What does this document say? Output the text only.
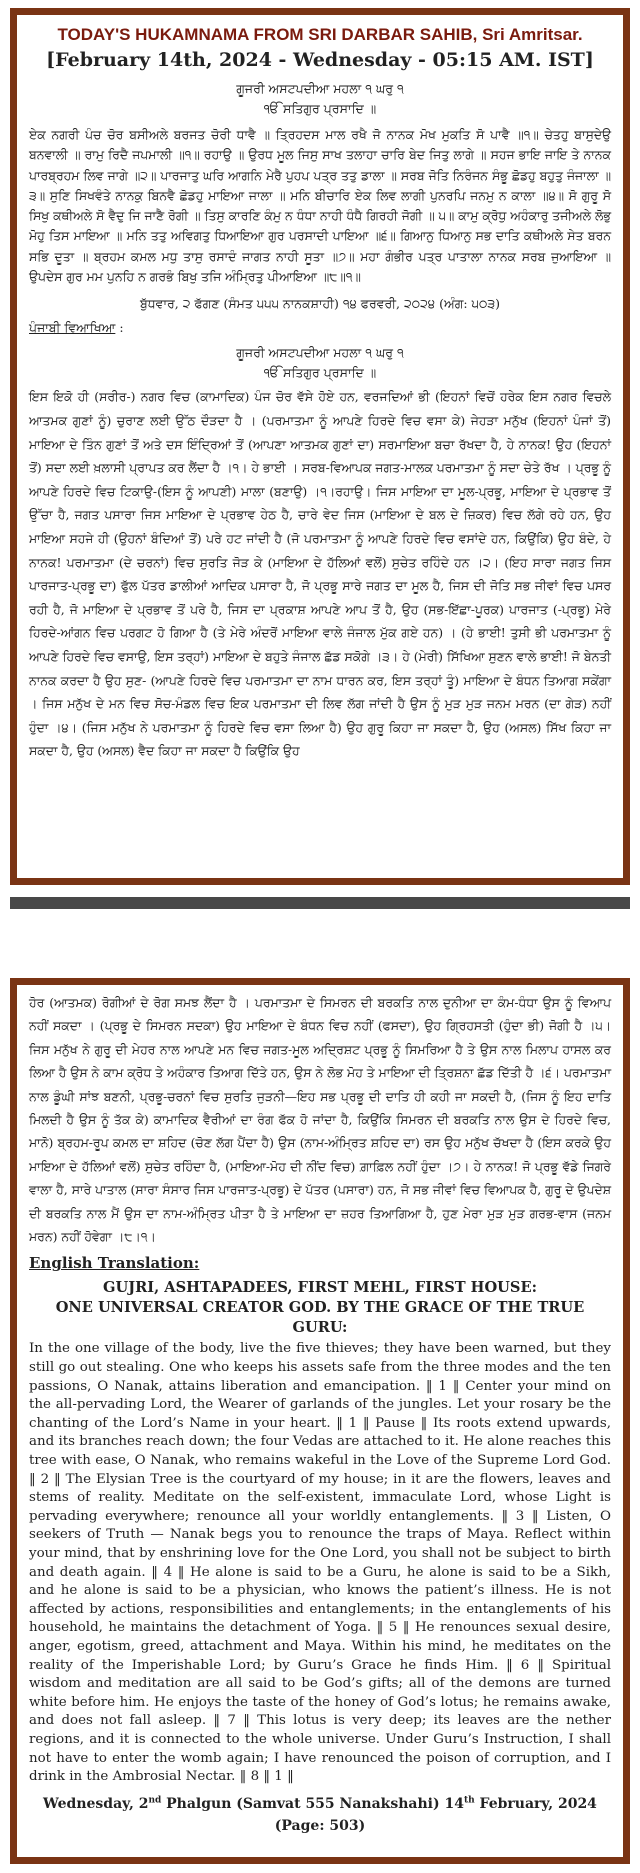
TODAY'S HUKAMNAMA FROM SRI DARBAR SAHIB, Sri Amritsar.

[February 14th, 2024 - Wednesday - 05:15 AM. IST]

ਗੂਜਰੀ ਅਸਟਪਦੀਆ ਮਹਲਾ ੧ ਘਰੁ ੧

ੴ ਸਤਿਗੁਰ ਪ੍ਰਸਾਦਿ ॥

ਏਕ ਨਗਰੀ ਪੰਚ ਚੋਰ ਬਸੀਅਲੇ ਬਰਜਤ ਚੋਰੀ ਧਾਵੈ ॥ ਤ੍ਰਿਹਦਸ ਮਾਲ ਰਖੈ ਜੋ ਨਾਨਕ ਮੋਖ ਮੁਕਤਿ ਸੋ ਪਾਵੈ ॥੧॥ ਚੇਤਹੁ ਬਾਸੁਦੇਉ ਬਨਵਾਲੀ ॥ ਰਾਮੁ ਰਿਦੈ ਜਪਮਾਲੀ ॥੧॥ ਰਹਾਉ ॥ ਉਰਧ ਮੂਲ ਜਿਸੁ ਸਾਖ ਤਲਾਹਾ ਚਾਰਿ ਬੇਦ ਜਿਤੁ ਲਾਗੇ ॥ ਸਹਜ ਭਾਇ ਜਾਇ ਤੇ ਨਾਨਕ ਪਾਰਬ੍ਰਹਮ ਲਿਵ ਜਾਗੇ ॥੨॥ ਪਾਰਜਾਤੁ ਘਰਿ ਆਗਨਿ ਮੇਰੈ ਪੁਹਪ ਪਤ੍ਰ ਤਤੁ ਡਾਲਾ ॥ ਸਰਬ ਜੋਤਿ ਨਿਰੰਜਨ ਸੰਭੂ ਛੋਡਹੁ ਬਹੁਤੁ ਜੰਜਾਲਾ ॥੩॥ ਸੁਣਿ ਸਿਖਵੰਤੇ ਨਾਨਕੁ ਬਿਨਵੈ ਛੋਡਹੁ ਮਾਇਆ ਜਾਲਾ ॥ ਮਨਿ ਬੀਚਾਰਿ ਏਕ ਲਿਵ ਲਾਗੀ ਪੁਨਰਪਿ ਜਨਮੁ ਨ ਕਾਲਾ ॥੪॥ ਸੋ ਗੁਰੂ ਸੋ ਸਿਖੁ ਕਥੀਅਲੇ ਸੋ ਵੈਦੁ ਜਿ ਜਾਣੈ ਰੋਗੀ ॥ ਤਿਸੁ ਕਾਰਣਿ ਕੰਮੁ ਨ ਧੰਧਾ ਨਾਹੀ ਧੰਧੈ ਗਿਰਹੀ ਜੋਗੀ ॥ ੫॥ ਕਾਮੁ ਕ੍ਰੋਧੁ ਅਹੰਕਾਰੁ ਤਜੀਅਲੇ ਲੋਭੁ ਮੋਹੁ ਤਿਸ ਮਾਇਆ ॥ ਮਨਿ ਤਤੁ ਅਵਿਗਤੁ ਧਿਆਇਆ ਗੁਰ ਪਰਸਾਦੀ ਪਾਇਆ ॥੬॥ ਗਿਆਨੁ ਧਿਆਨੁ ਸਭ ਦਾਤਿ ਕਥੀਅਲੇ ਸੇਤ ਬਰਨ ਸਭਿ ਦੂਤਾ ॥ ਬ੍ਰਹਮ ਕਮਲ ਮਧੁ ਤਾਸੁ ਰਸਾਦੰ ਜਾਗਤ ਨਾਹੀ ਸੂਤਾ ॥੭॥ ਮਹਾ ਗੰਭੀਰ ਪਤ੍ਰ ਪਾਤਾਲਾ ਨਾਨਕ ਸਰਬ ਜੁਆਇਆ ॥ ਉਪਦੇਸ ਗੁਰ ਮਮ ਪੁਨਹਿ ਨ ਗਰਭੰ ਬਿਖੁ ਤਜਿ ਅੰਮ੍ਰਿਤੁ ਪੀਆਇਆ ॥੮॥੧॥

ਬੁੱਧਵਾਰ, ੨ ਫੱਗਣ (ਸੰਮਤ ੫੫੫ ਨਾਨਕਸ਼ਾਹੀ) ੧੪ ਫਰਵਰੀ, ੨੦੨੪ (ਅੰਗ: ੫੦੩)

ਪੰਜਾਬੀ ਵਿਆਖਿਆ :

ਗੂਜਰੀ ਅਸਟਪਦੀਆ ਮਹਲਾ ੧ ਘਰੁ ੧

ੴ ਸਤਿਗੁਰ ਪ੍ਰਸਾਦਿ ॥

ਇਸ ਇਕੋ ਹੀ (ਸਰੀਰ-) ਨਗਰ ਵਿਚ (ਕਾਮਾਦਿਕ) ਪੰਜ ਚੋਰ ਵੱਸੇ ਹੋਏ ਹਨ, ਵਰਜਦਿਆਂ ਭੀ (ਇਹਨਾਂ ਵਿਚੋਂ ਹਰੇਕ ਇਸ ਨਗਰ ਵਿਚਲੇ ਆਤਮਕ ਗੁਣਾਂ ਨੂੰ) ਚੁਰਾਣ ਲਈ ਉੱਠ ਦੌੜਦਾ ਹੈ । (ਪਰਮਾਤਮਾ ਨੂੰ ਆਪਣੇ ਹਿਰਦੇ ਵਿਚ ਵਸਾ ਕੇ) ਜੇਹੜਾ ਮਨੁੱਖ (ਇਹਨਾਂ ਪੰਜਾਂ ਤੋਂ) ਮਾਇਆ ਦੇ ਤਿੰਨ ਗੁਣਾਂ ਤੋਂ ਅਤੇ ਦਸ ਇੰਦ੍ਰਿਆਂ ਤੋਂ (ਆਪਣਾ ਆਤਮਕ ਗੁਣਾਂ ਦਾ) ਸਰਮਾਇਆ ਬਚਾ ਰੱਖਦਾ ਹੈ, ਹੇ ਨਾਨਕ! ਉਹ (ਇਹਨਾਂ ਤੋਂ) ਸਦਾ ਲਈ ਖ਼ਲਾਸੀ ਪ੍ਰਾਪਤ ਕਰ ਲੈਂਦਾ ਹੈ ।੧। ਹੇ ਭਾਈ । ਸਰਬ-ਵਿਆਪਕ ਜਗਤ-ਮਾਲਕ ਪਰਮਾਤਮਾ ਨੂੰ ਸਦਾ ਚੇਤੇ ਰੱਖ । ਪ੍ਰਭੂ ਨੂੰ ਆਪਣੇ ਹਿਰਦੇ ਵਿਚ ਟਿਕਾਉ-(ਇਸ ਨੂੰ ਆਪਣੀ) ਮਾਲਾ (ਬਣਾਉ) ।੧।ਰਹਾਉ। ਜਿਸ ਮਾਇਆ ਦਾ ਮੂਲ-ਪ੍ਰਭੂ, ਮਾਇਆ ਦੇ ਪ੍ਰਭਾਵ ਤੋਂ ਉੱਚਾ ਹੈ, ਜਗਤ ਪਸਾਰਾ ਜਿਸ ਮਾਇਆ ਦੇ ਪ੍ਰਭਾਵ ਹੇਠ ਹੈ, ਚਾਰੇ ਵੇਦ ਜਿਸ (ਮਾਇਆ ਦੇ ਬਲ ਦੇ ਜ਼ਿਕਰ) ਵਿਚ ਲੱਗੇ ਰਹੇ ਹਨ, ਉਹ ਮਾਇਆ ਸਹਜੇ ਹੀ (ਉਹਨਾਂ ਬੰਦਿਆਂ ਤੋਂ) ਪਰੇ ਹਟ ਜਾਂਦੀ ਹੈ (ਜੋ ਪਰਮਾਤਮਾ ਨੂੰ ਆਪਣੇ ਹਿਰਦੇ ਵਿਚ ਵਸਾਂਦੇ ਹਨ, ਕਿਉਂਕਿ) ਉਹ ਬੰਦੇ, ਹੇ ਨਾਨਕ! ਪਰਮਾਤਮਾ (ਦੇ ਚਰਨਾਂ) ਵਿਚ ਸੁਰਤਿ ਜੋੜ ਕੇ (ਮਾਇਆ ਦੇ ਹੱਲਿਆਂ ਵਲੋਂ) ਸੁਚੇਤ ਰਹਿੰਦੇ ਹਨ ।੨। (ਇਹ ਸਾਰਾ ਜਗਤ ਜਿਸ ਪਾਰਜਾਤ-ਪ੍ਰਭੂ ਦਾ) ਫੁੱਲ ਪੱਤਰ ਡਾਲੀਆਂ ਆਦਿਕ ਪਸਾਰਾ ਹੈ, ਜੋ ਪ੍ਰਭੂ ਸਾਰੇ ਜਗਤ ਦਾ ਮੂਲ ਹੈ, ਜਿਸ ਦੀ ਜੋਤਿ ਸਭ ਜੀਵਾਂ ਵਿਚ ਪਸਰ ਰਹੀ ਹੈ, ਜੋ ਮਾਇਆ ਦੇ ਪ੍ਰਭਾਵ ਤੋਂ ਪਰੇ ਹੈ, ਜਿਸ ਦਾ ਪ੍ਰਕਾਸ਼ ਆਪਣੇ ਆਪ ਤੋਂ ਹੈ, ਉਹ (ਸਭ-ਇੱਛਾ-ਪੂਰਕ) ਪਾਰਜਾਤ (-ਪ੍ਰਭੂ) ਮੇਰੇ ਹਿਰਦੇ-ਆਂਗਨ ਵਿਚ ਪਰਗਟ ਹੋ ਗਿਆ ਹੈ (ਤੇ ਮੇਰੇ ਅੰਦਰੋਂ ਮਾਇਆ ਵਾਲੇ ਜੰਜਾਲ ਮੁੱਕ ਗਏ ਹਨ) । (ਹੇ ਭਾਈ! ਤੁਸੀ ਭੀ ਪਰਮਾਤਮਾ ਨੂੰ ਆਪਣੇ ਹਿਰਦੇ ਵਿਚ ਵਸਾਉ, ਇਸ ਤਰ੍ਹਾਂ) ਮਾਇਆ ਦੇ ਬਹੁਤੇ ਜੰਜਾਲ ਛੱਡ ਸਕੋਗੇ ।੩। ਹੇ (ਮੇਰੀ) ਸਿੱਖਿਆ ਸੁਣਨ ਵਾਲੇ ਭਾਈ! ਜੋ ਬੇਨਤੀ ਨਾਨਕ ਕਰਦਾ ਹੈ ਉਹ ਸੁਣ- (ਆਪਣੇ ਹਿਰਦੇ ਵਿਚ ਪਰਮਾਤਮਾ ਦਾ ਨਾਮ ਧਾਰਨ ਕਰ, ਇਸ ਤਰ੍ਹਾਂ ਤੂੰ) ਮਾਇਆ ਦੇ ਬੰਧਨ ਤਿਆਗ ਸਕੇਂਗਾ । ਜਿਸ ਮਨੁੱਖ ਦੇ ਮਨ ਵਿਚ ਸੋਚ-ਮੰਡਲ ਵਿਚ ਇਕ ਪਰਮਾਤਮਾ ਦੀ ਲਿਵ ਲੱਗ ਜਾਂਦੀ ਹੈ ਉਸ ਨੂੰ ਮੁੜ ਮੁੜ ਜਨਮ ਮਰਨ (ਦਾ ਗੇੜ) ਨਹੀਂ ਹੁੰਦਾ ।੪। (ਜਿਸ ਮਨੁੱਖ ਨੇ ਪਰਮਾਤਮਾ ਨੂੰ ਹਿਰਦੇ ਵਿਚ ਵਸਾ ਲਿਆ ਹੈ) ਉਹ ਗੁਰੂ ਕਿਹਾ ਜਾ ਸਕਦਾ ਹੈ, ਉਹ (ਅਸਲ) ਸਿੱਖ ਕਿਹਾ ਜਾ ਸਕਦਾ ਹੈ, ਉਹ (ਅਸਲ) ਵੈਦ ਕਿਹਾ ਜਾ ਸਕਦਾ ਹੈ ਕਿਉਂਕਿ ਉਹ

ਹੋਰ (ਆਤਮਕ) ਰੋਗੀਆਂ ਦੇ ਰੋਗ ਸਮਝ ਲੈਂਦਾ ਹੈ । ਪਰਮਾਤਮਾ ਦੇ ਸਿਮਰਨ ਦੀ ਬਰਕਤਿ ਨਾਲ ਦੁਨੀਆ ਦਾ ਕੰਮ-ਧੰਧਾ ਉਸ ਨੂੰ ਵਿਆਪ ਨਹੀਂ ਸਕਦਾ । (ਪ੍ਰਭੂ ਦੇ ਸਿਮਰਨ ਸਦਕਾ) ਉਹ ਮਾਇਆ ਦੇ ਬੰਧਨ ਵਿਚ ਨਹੀਂ (ਫਸਦਾ), ਉਹ ਗ੍ਰਿਹਸਤੀ (ਹੁੰਦਾ ਭੀ) ਜੋਗੀ ਹੈ ।੫। ਜਿਸ ਮਨੁੱਖ ਨੇ ਗੁਰੂ ਦੀ ਮੇਹਰ ਨਾਲ ਆਪਣੇ ਮਨ ਵਿਚ ਜਗਤ-ਮੂਲ ਅਦ੍ਰਿਸ਼ਟ ਪ੍ਰਭੂ ਨੂੰ ਸਿਮਰਿਆ ਹੈ ਤੇ ਉਸ ਨਾਲ ਮਿਲਾਪ ਹਾਸਲ ਕਰ ਲਿਆ ਹੈ ਉਸ ਨੇ ਕਾਮ ਕ੍ਰੋਧ ਤੇ ਅਹੰਕਾਰ ਤਿਆਗ ਦਿੱਤੇ ਹਨ, ਉਸ ਨੇ ਲੋਭ ਮੋਹ ਤੇ ਮਾਇਆ ਦੀ ਤ੍ਰਿਸ਼ਨਾ ਛੱਡ ਦਿੱਤੀ ਹੈ ।੬। ਪਰਮਾਤਮਾ ਨਾਲ ਡੂੰਘੀ ਸਾਂਝ ਬਣਨੀ, ਪ੍ਰਭੂ-ਚਰਨਾਂ ਵਿਚ ਸੁਰਤਿ ਜੁੜਨੀ—ਇਹ ਸਭ ਪ੍ਰਭੂ ਦੀ ਦਾਤਿ ਹੀ ਕਹੀ ਜਾ ਸਕਦੀ ਹੈ, (ਜਿਸ ਨੂੰ ਇਹ ਦਾਤਿ ਮਿਲਦੀ ਹੈ ਉਸ ਨੂੰ ਤੱਕ ਕੇ) ਕਾਮਾਦਿਕ ਵੈਰੀਆਂ ਦਾ ਰੰਗ ਫੱਕ ਹੋ ਜਾਂਦਾ ਹੈ, ਕਿਉਂਕਿ ਸਿਮਰਨ ਦੀ ਬਰਕਤਿ ਨਾਲ ਉਸ ਦੇ ਹਿਰਦੇ ਵਿਚ, ਮਾਨੋ) ਬ੍ਰਹਮ-ਰੂਪ ਕਮਲ ਦਾ ਸ਼ਹਿਦ (ਚੋਣ ਲੱਗ ਪੈਂਦਾ ਹੈ) ਉਸ (ਨਾਮ-ਅੰਮ੍ਰਿਤ ਸ਼ਹਿਦ ਦਾ) ਰਸ ਉਹ ਮਨੁੱਖ ਚੱਖਦਾ ਹੈ (ਇਸ ਕਰਕੇ ਉਹ ਮਾਇਆ ਦੇ ਹੱਲਿਆਂ ਵਲੋਂ) ਸੁਚੇਤ ਰਹਿੰਦਾ ਹੈ, (ਮਾਇਆ-ਮੋਹ ਦੀ ਨੀਂਦ ਵਿਚ) ਗ਼ਾਫ਼ਿਲ ਨਹੀਂ ਹੁੰਦਾ ।੭। ਹੇ ਨਾਨਕ! ਜੋ ਪ੍ਰਭੂ ਵੱਡੇ ਜਿਗਰੇ ਵਾਲਾ ਹੈ, ਸਾਰੇ ਪਾਤਾਲ (ਸਾਰਾ ਸੰਸਾਰ ਜਿਸ ਪਾਰਜਾਤ-ਪ੍ਰਭੂ) ਦੇ ਪੱਤਰ (ਪਸਾਰਾ) ਹਨ, ਜੋ ਸਭ ਜੀਵਾਂ ਵਿਚ ਵਿਆਪਕ ਹੈ, ਗੁਰੂ ਦੇ ਉਪਦੇਸ਼ ਦੀ ਬਰਕਤਿ ਨਾਲ ਮੈਂ ਉਸ ਦਾ ਨਾਮ-ਅੰਮ੍ਰਿਤ ਪੀਤਾ ਹੈ ਤੇ ਮਾਇਆ ਦਾ ਜ਼ਹਰ ਤਿਆਗਿਆ ਹੈ, ਹੁਣ ਮੇਰਾ ਮੁੜ ਮੁੜ ਗਰਭ-ਵਾਸ (ਜਨਮ ਮਰਨ) ਨਹੀਂ ਹੋਵੇਗਾ ।੮।੧।

English Translation:

GUJRI, ASHTAPADEES, FIRST MEHL, FIRST HOUSE:

ONE UNIVERSAL CREATOR GOD. BY THE GRACE OF THE TRUE GURU:

In the one village of the body, live the five thieves; they have been warned, but they still go out stealing. One who keeps his assets safe from the three modes and the ten passions, O Nanak, attains liberation and emancipation. ‖ 1 ‖ Center your mind on the all-pervading Lord, the Wearer of garlands of the jungles. Let your rosary be the chanting of the Lord’s Name in your heart. ‖ 1 ‖ Pause ‖ Its roots extend upwards, and its branches reach down; the four Vedas are attached to it. He alone reaches this tree with ease, O Nanak, who remains wakeful in the Love of the Supreme Lord God. ‖ 2 ‖ The Elysian Tree is the courtyard of my house; in it are the flowers, leaves and stems of reality. Meditate on the self-existent, immaculate Lord, whose Light is pervading everywhere; renounce all your worldly entanglements. ‖ 3 ‖ Listen, O seekers of Truth — Nanak begs you to renounce the traps of Maya. Reflect within your mind, that by enshrining love for the One Lord, you shall not be subject to birth and death again. ‖ 4 ‖ He alone is said to be a Guru, he alone is said to be a Sikh, and he alone is said to be a physician, who knows the patient’s illness. He is not affected by actions, responsibilities and entanglements; in the entanglements of his household, he maintains the detachment of Yoga. ‖ 5 ‖ He renounces sexual desire, anger, egotism, greed, attachment and Maya. Within his mind, he meditates on the reality of the Imperishable Lord; by Guru’s Grace he finds Him. ‖ 6 ‖ Spiritual wisdom and meditation are all said to be God’s gifts; all of the demons are turned white before him. He enjoys the taste of the honey of God’s lotus; he remains awake, and does not fall asleep. ‖ 7 ‖ This lotus is very deep; its leaves are the nether regions, and it is connected to the whole universe. Under Guru’s Instruction, I shall not have to enter the womb again; I have renounced the poison of corruption, and I drink in the Ambrosial Nectar. ‖ 8 ‖ 1 ‖

Wednesday, 2nd Phalgun (Samvat 555 Nanakshahi) 14th February, 2024 (Page: 503)
